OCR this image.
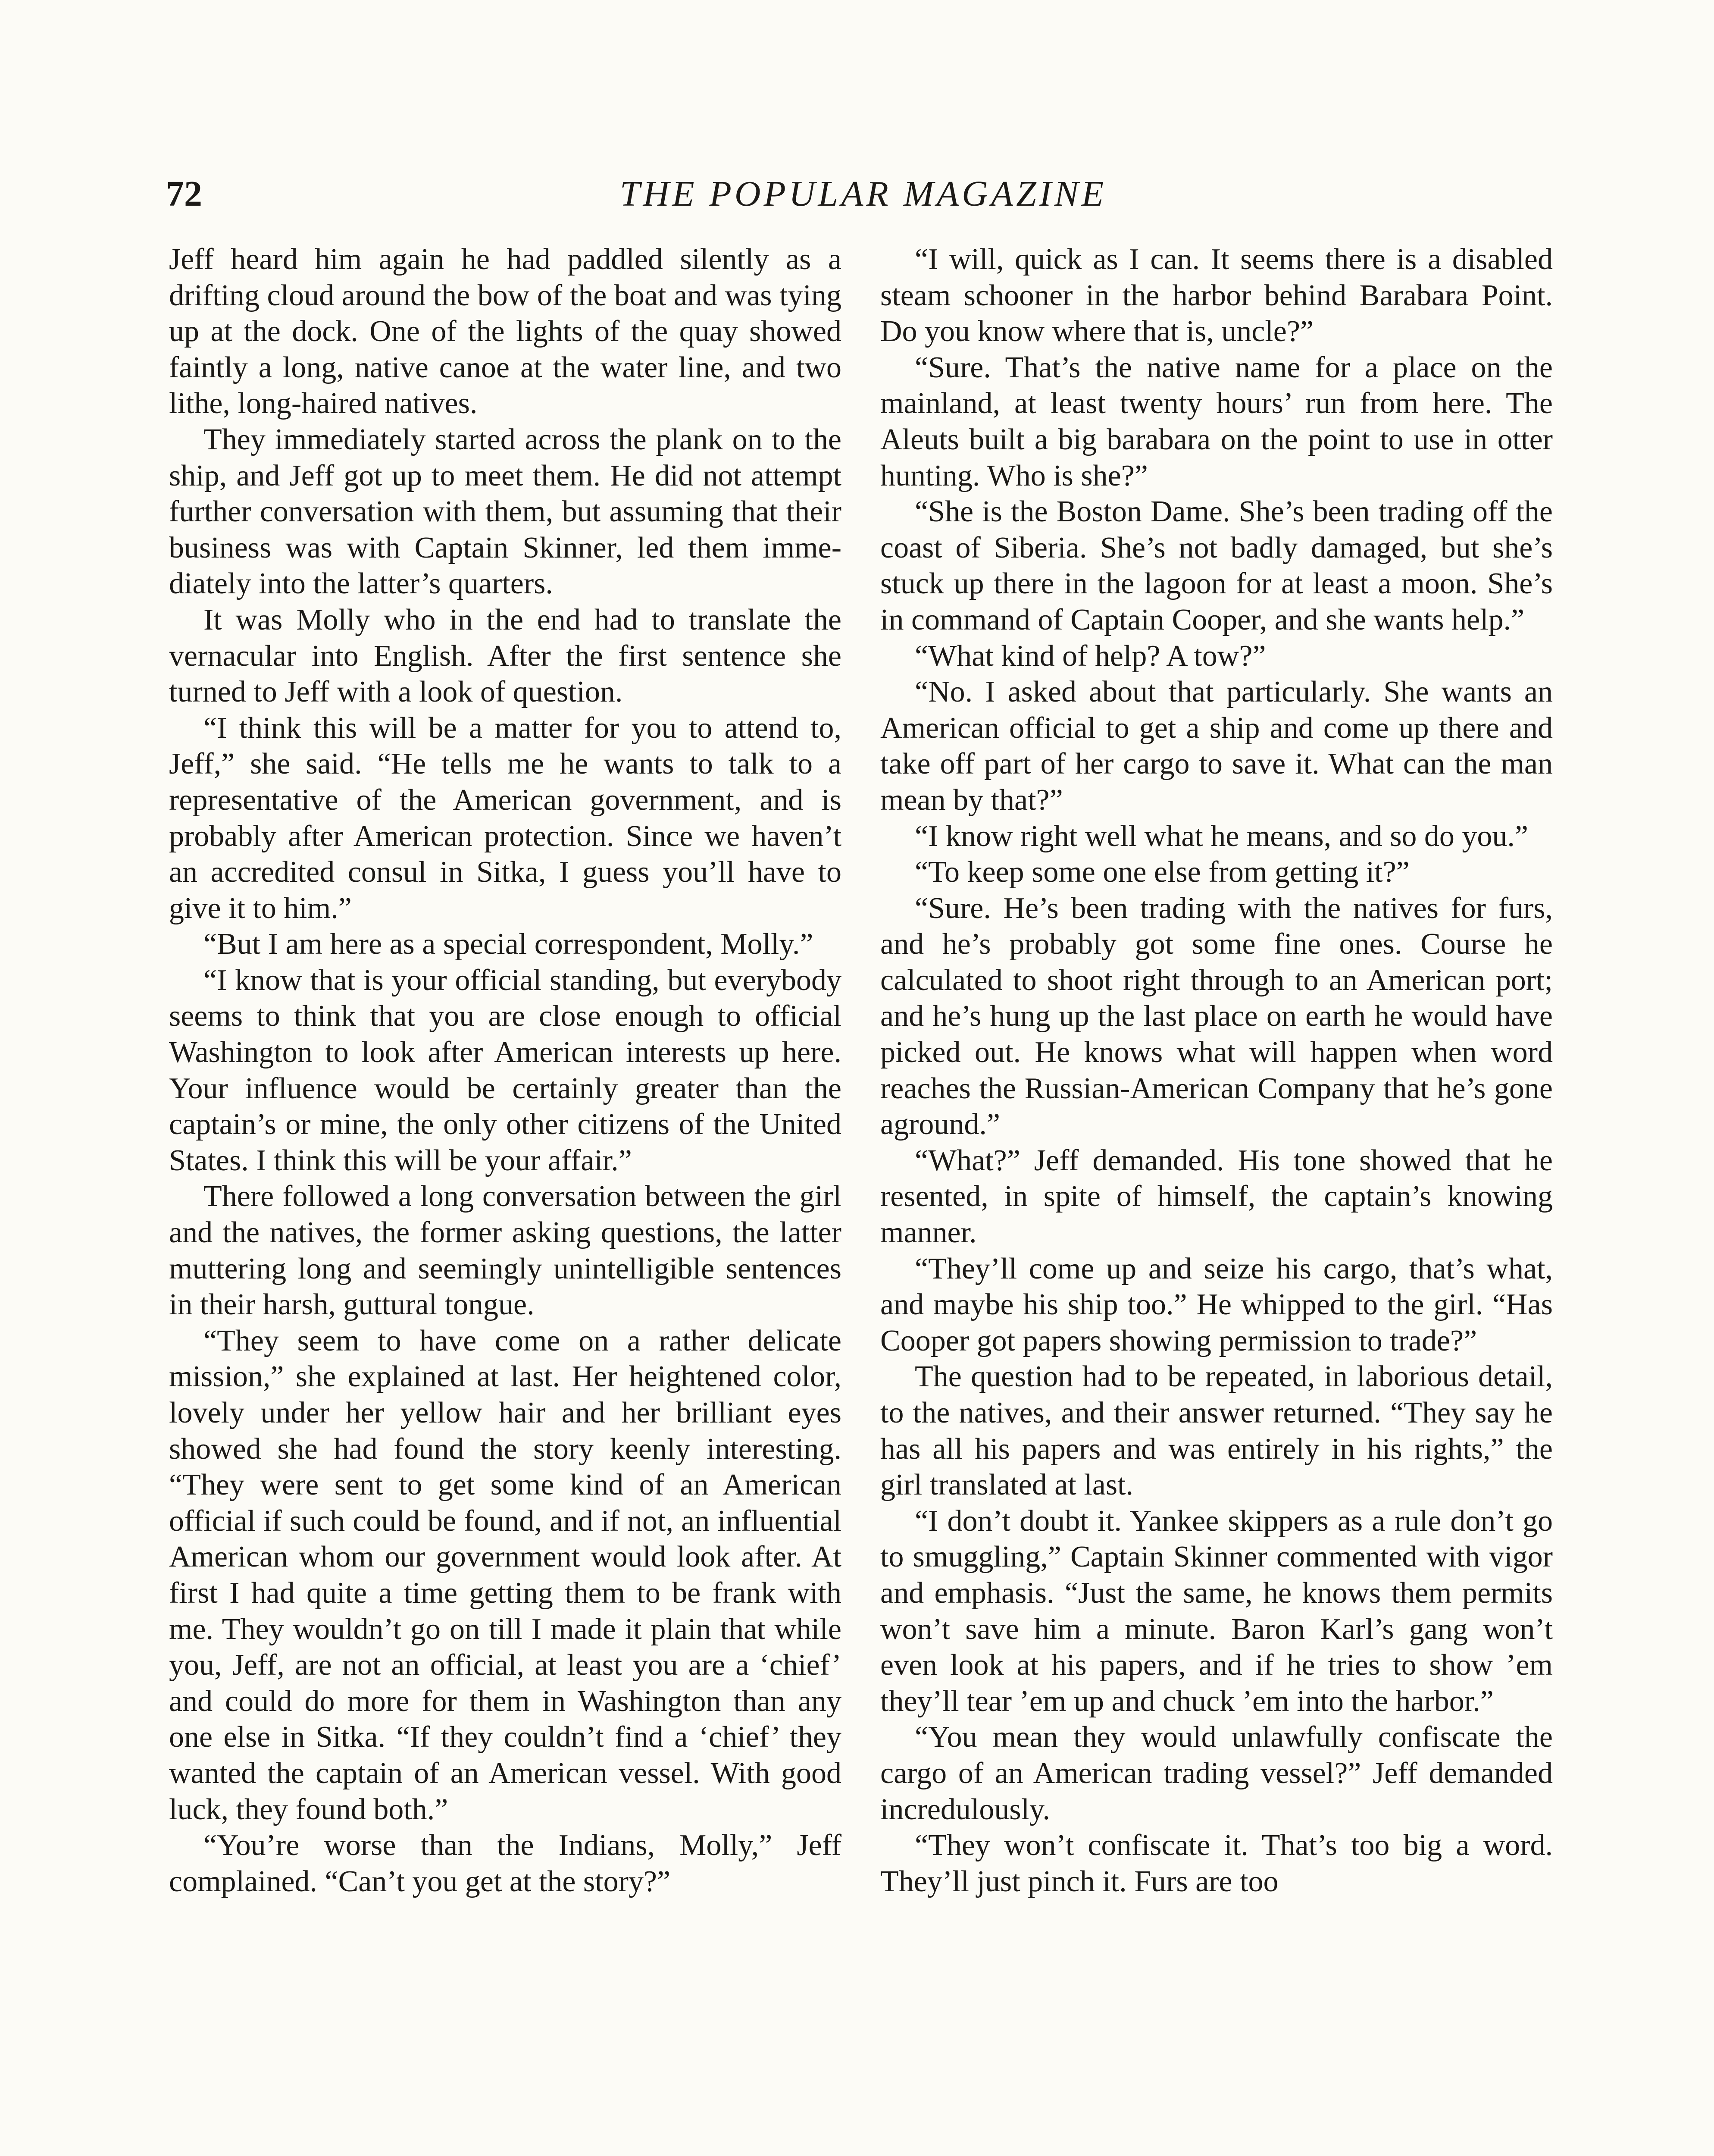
72	THE POPULAR MAGAZINE

Jeff heard him again he had paddled silently as a drifting cloud around the bow of the boat and was tying up at the dock. One of the lights of the quay showed faintly a long, native canoe at the water line, and two lithe, long-haired natives.

They immediately started across the plank on to the ship, and Jeff got up to meet them. He did not attempt further conversation with them, but assuming that their business was with Captain Skinner, led them immediately into the latter’s quarters.

It was Molly who in the end had to translate the vernacular into English. After the first sentence she turned to Jeff with a look of question.

“I think this will be a matter for you to attend to, Jeff,” she said. “He tells me he wants to talk to a representative of the American government, and is probably after American protection. Since we haven’t an accredited consul in Sitka, I guess you’ll have to give it to him.”

“But I am here as a special correspondent, Molly.”

“I know that is your official standing, but everybody seems to think that you are close enough to official Washington to look after American interests up here. Your influence would be certainly greater than the captain’s or mine, the only other citizens of the United States. I think this will be your affair.”

There followed a long conversation between the girl and the natives, the former asking questions, the latter muttering long and seemingly unintelligible sentences in their harsh, guttural tongue.

“They seem to have come on a rather delicate mission,” she explained at last. Her heightened color, lovely under her yellow hair and her brilliant eyes showed she had found the story keenly interesting. “They were sent to get some kind of an American official if such could be found, and if not, an influential American whom our government would look after. At first I had quite a time getting them to be frank with me. They wouldn’t go on till I made it plain that while you, Jeff, are not an official, at least you are a ‘chief’ and could do more for them in Washington than any one else in Sitka. “If they couldn’t find a ‘chief’ they wanted the captain of an American vessel. With good luck, they found both.”

“You’re worse than the Indians, Molly,” Jeff complained. “Can’t you get at the story?”

“I will, quick as I can. It seems there is a disabled steam schooner in the harbor behind Barabara Point. Do you know where that is, uncle?”

“Sure. That’s the native name for a place on the mainland, at least twenty hours’ run from here. The Aleuts built a big barabara on the point to use in otter hunting. Who is she?”

“She is the Boston Dame. She’s been trading off the coast of Siberia. She’s not badly damaged, but she’s stuck up there in the lagoon for at least a moon. She’s in command of Captain Cooper, and she wants help.”

“What kind of help? A tow?”

“No. I asked about that particularly. She wants an American official to get a ship and come up there and take off part of her cargo to save it. What can the man mean by that?”

“I know right well what he means, and so do you.”

“To keep some one else from getting it?”

“Sure. He’s been trading with the natives for furs, and he’s probably got some fine ones. Course he calculated to shoot right through to an American port; and he’s hung up the last place on earth he would have picked out. He knows what will happen when word reaches the Russian-American Company that he’s gone aground.”

“What?” Jeff demanded. His tone showed that he resented, in spite of himself, the captain’s knowing manner.

“They’ll come up and seize his cargo, that’s what, and maybe his ship too.” He whipped to the girl. “Has Cooper got papers showing permission to trade?”

The question had to be repeated, in laborious detail, to the natives, and their answer returned. “They say he has all his papers and was entirely in his rights,” the girl translated at last.

“I don’t doubt it. Yankee skippers as a rule don’t go to smuggling,” Captain Skinner commented with vigor and emphasis. “Just the same, he knows them permits won’t save him a minute. Baron Karl’s gang won’t even look at his papers, and if he tries to show ’em they’ll tear ’em up and chuck ’em into the harbor.”

“You mean they would unlawfully confiscate the cargo of an American trading vessel?” Jeff demanded incredulously.

“They won’t confiscate it. That’s too big a word. They’ll just pinch it. Furs are too
